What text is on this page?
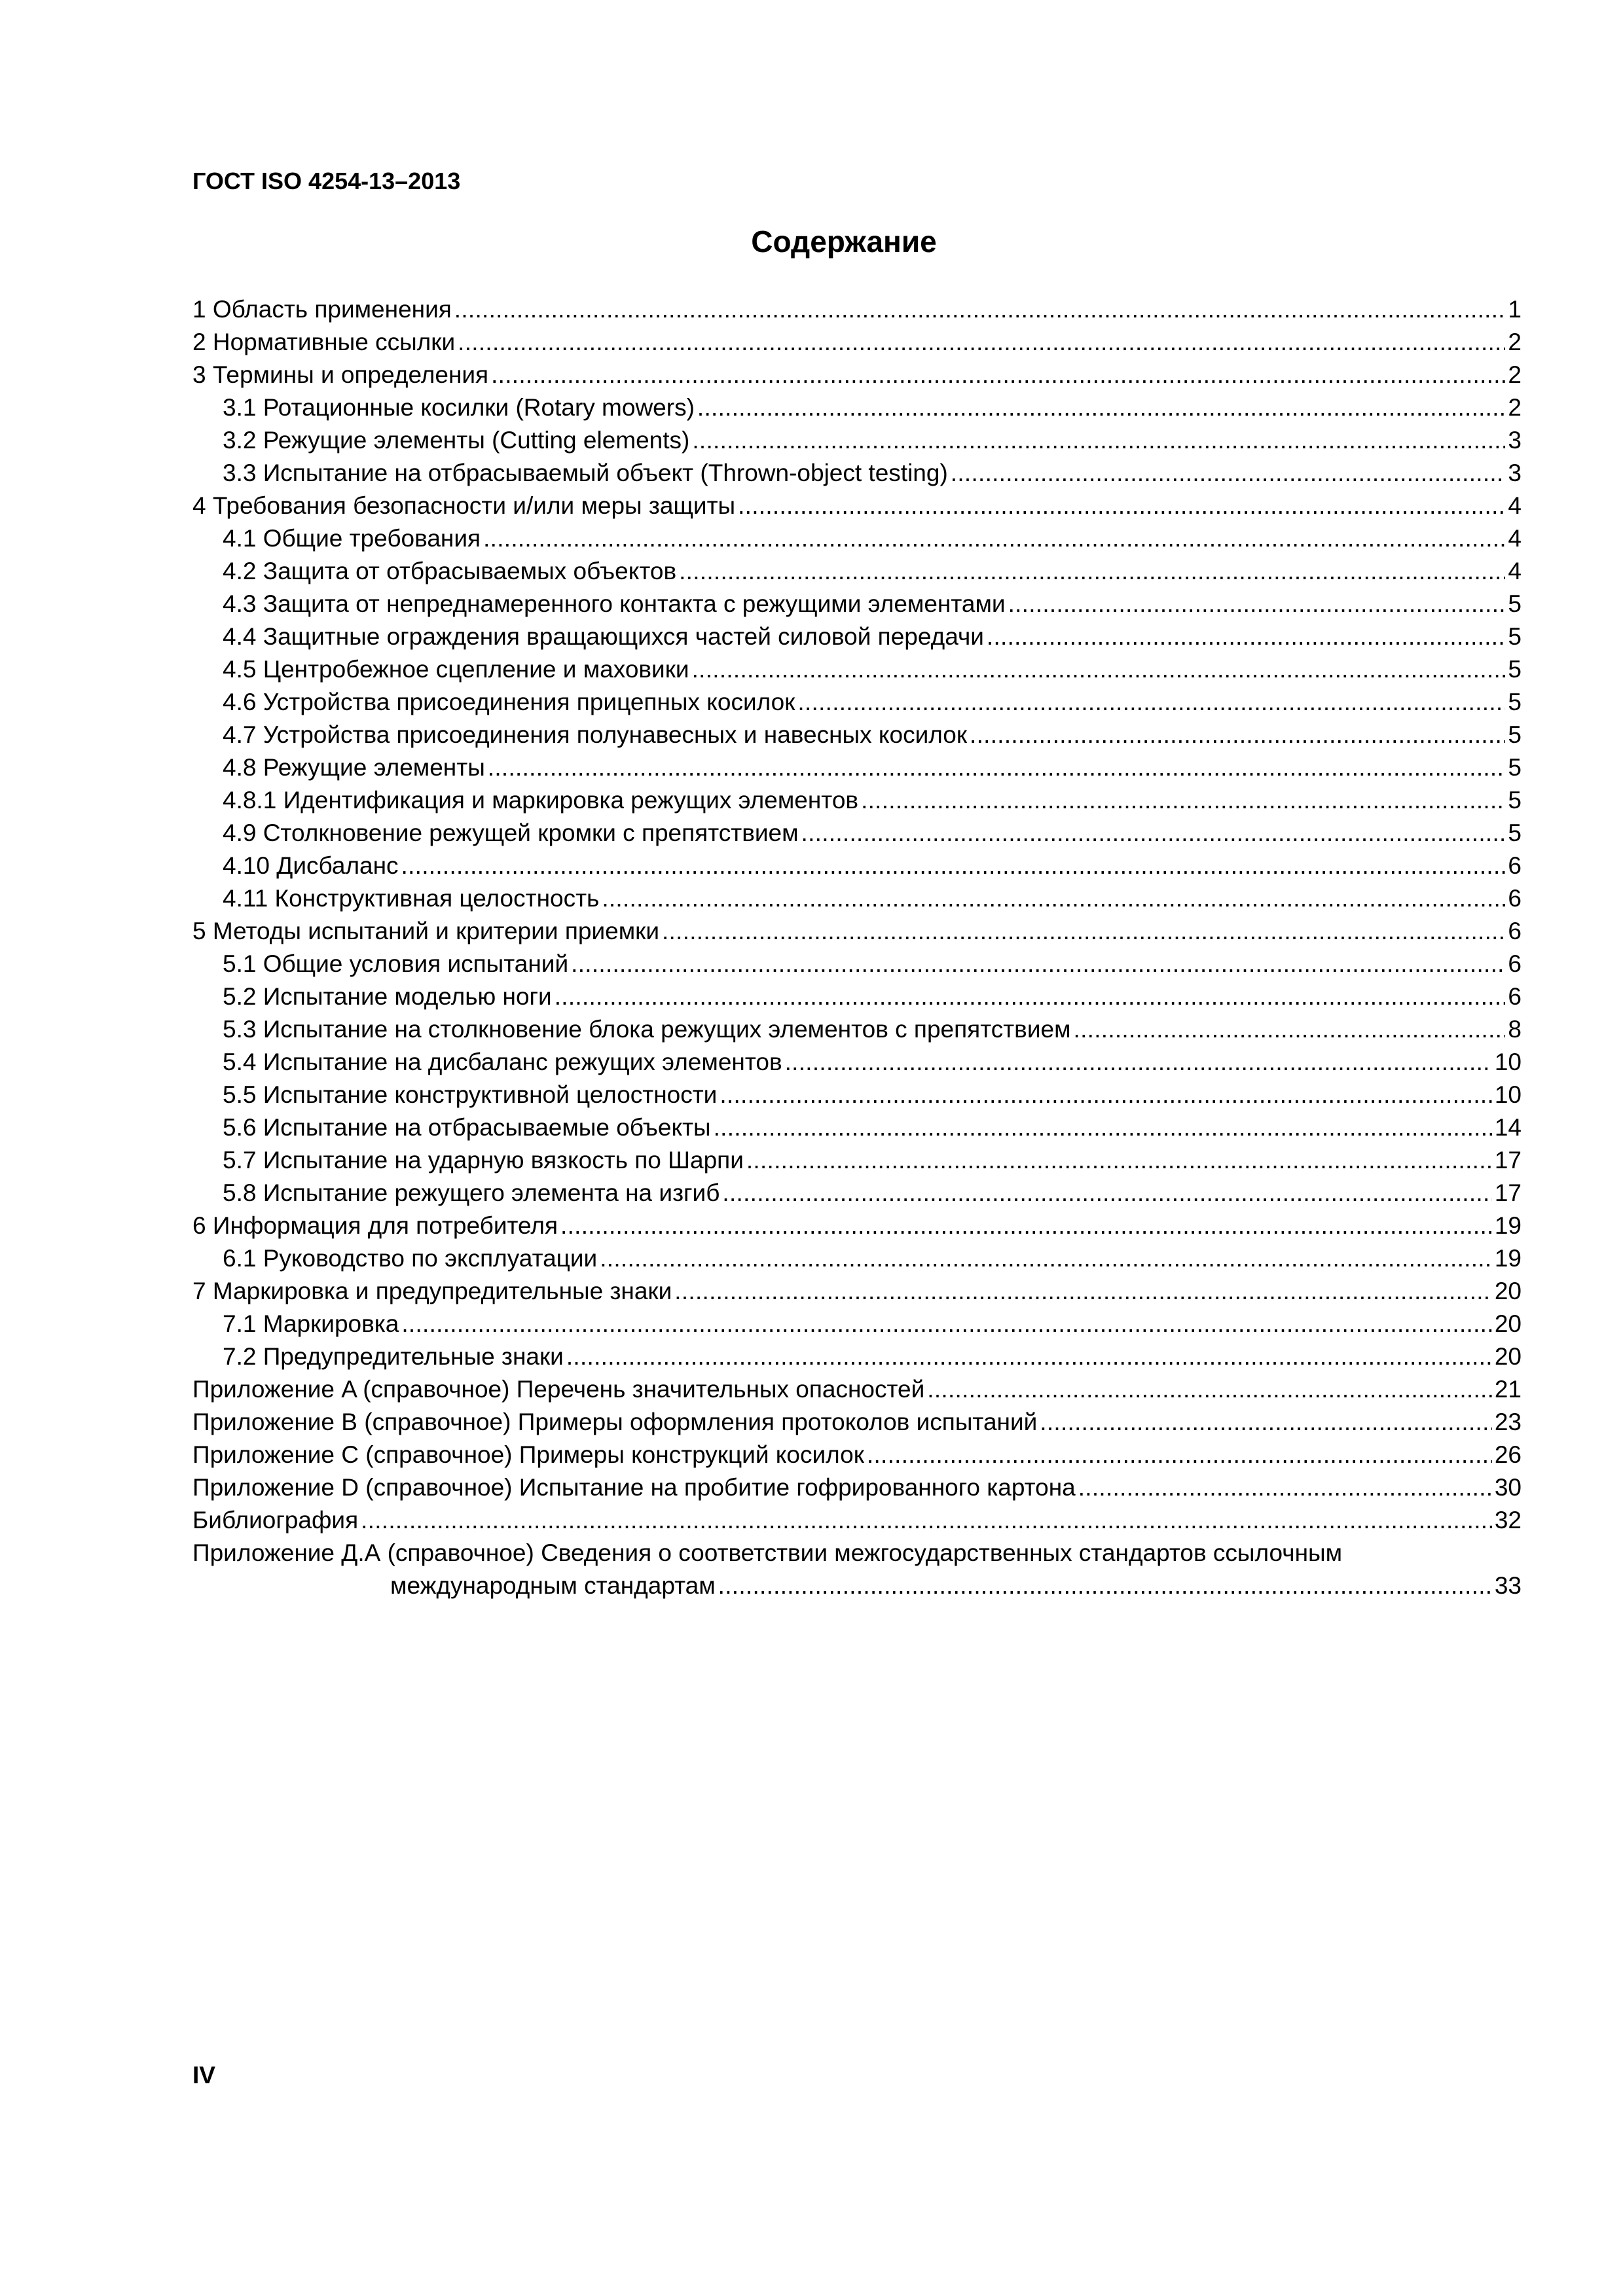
ГОСТ ISO 4254-13–2013
Содержание
1 Область применения . . .	1
2 Нормативные ссылки . . .	2
3 Термины и определения . . .	2
3.1 Ротационные косилки (Rotary mowers) . . .	2
3.2 Режущие элементы (Cutting elements) . . .	3
3.3 Испытание на отбрасываемый объект (Thrown-object testing) . . .	3
4 Требования безопасности и/или меры защиты . . .	4
4.1 Общие требования . . .	4
4.2 Защита от отбрасываемых объектов . . .	4
4.3 Защита от непреднамеренного контакта с режущими элементами . . .	5
4.4 Защитные ограждения вращающихся частей силовой передачи . . .	5
4.5 Центробежное сцепление и маховики . . .	5
4.6 Устройства присоединения прицепных косилок . . .	5
4.7 Устройства присоединения полунавесных и навесных косилок . . .	5
4.8 Режущие элементы . . .	5
4.8.1 Идентификация и маркировка режущих элементов . . .	5
4.9 Столкновение режущей кромки с препятствием . . .	5
4.10 Дисбаланс . . .	6
4.11 Конструктивная целостность . . .	6
5 Методы испытаний и критерии приемки . . .	6
5.1 Общие условия испытаний . . .	6
5.2 Испытание моделью ноги . . .	6
5.3 Испытание на столкновение блока режущих элементов с препятствием . . .	8
5.4 Испытание на дисбаланс режущих элементов . . .	10
5.5 Испытание конструктивной целостности . . .	10
5.6 Испытание на отбрасываемые объекты . . .	14
5.7 Испытание на ударную вязкость по Шарпи . . .	17
5.8 Испытание режущего элемента на изгиб . . .	17
6 Информация для потребителя . . .	19
6.1 Руководство по эксплуатации . . .	19
7 Маркировка и предупредительные знаки . . .	20
7.1 Маркировка . . .	20
7.2 Предупредительные знаки . . .	20
Приложение A (справочное) Перечень значительных опасностей . . .	21
Приложение B (справочное) Примеры оформления протоколов испытаний . . .	23
Приложение C (справочное) Примеры конструкций косилок . . .	26
Приложение D (справочное) Испытание на пробитие гофрированного картона . . .	30
Библиография . . .	32
Приложение Д.А (справочное) Сведения о соответствии межгосударственных стандартов ссылочным
международным стандартам . . .	33
IV
